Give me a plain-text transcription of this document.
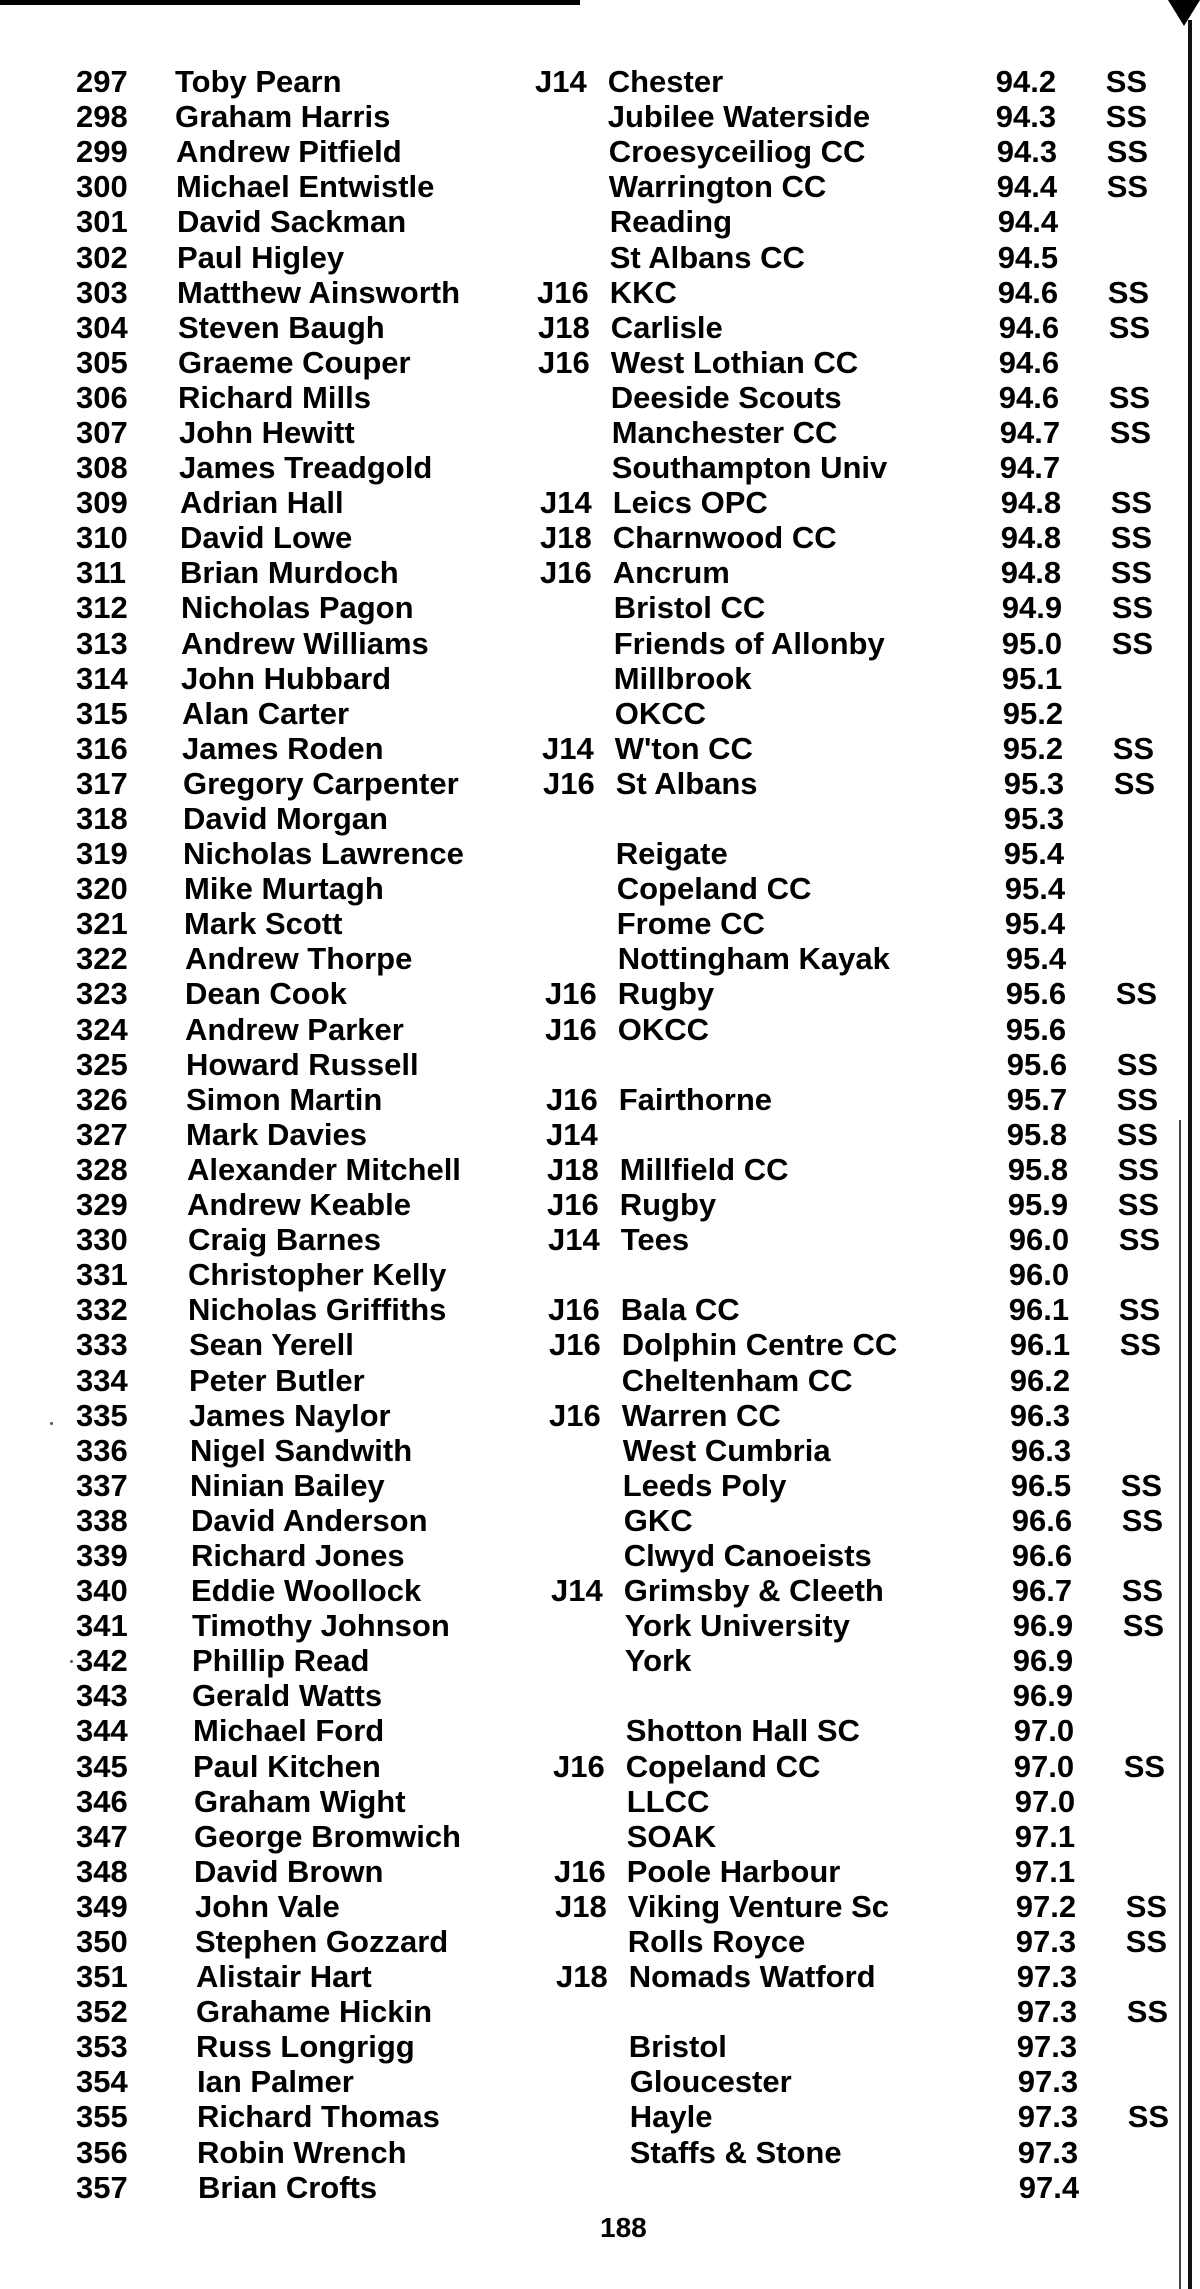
297	Toby Pearn	J14	Chester	94.2	SS
298	Graham Harris		Jubilee Waterside	94.3	SS
299	Andrew Pitfield		Croesyceiliog CC	94.3	SS
300	Michael Entwistle		Warrington CC	94.4	SS
301	David Sackman		Reading	94.4	
302	Paul Higley		St Albans CC	94.5	
303	Matthew Ainsworth	J16	KKC	94.6	SS
304	Steven Baugh	J18	Carlisle	94.6	SS
305	Graeme Couper	J16	West Lothian CC	94.6	
306	Richard Mills		Deeside Scouts	94.6	SS
307	John Hewitt		Manchester CC	94.7	SS
308	James Treadgold		Southampton Univ	94.7	
309	Adrian Hall	J14	Leics OPC	94.8	SS
310	David Lowe	J18	Charnwood CC	94.8	SS
311	Brian Murdoch	J16	Ancrum	94.8	SS
312	Nicholas Pagon		Bristol CC	94.9	SS
313	Andrew Williams		Friends of Allonby	95.0	SS
314	John Hubbard		Millbrook	95.1	
315	Alan Carter		OKCC	95.2	
316	James Roden	J14	W'ton CC	95.2	SS
317	Gregory Carpenter	J16	St Albans	95.3	SS
318	David Morgan			95.3	
319	Nicholas Lawrence		Reigate	95.4	
320	Mike Murtagh		Copeland CC	95.4	
321	Mark Scott		Frome CC	95.4	
322	Andrew Thorpe		Nottingham Kayak	95.4	
323	Dean Cook	J16	Rugby	95.6	SS
324	Andrew Parker	J16	OKCC	95.6	
325	Howard Russell			95.6	SS
326	Simon Martin	J16	Fairthorne	95.7	SS
327	Mark Davies	J14		95.8	SS
328	Alexander Mitchell	J18	Millfield CC	95.8	SS
329	Andrew Keable	J16	Rugby	95.9	SS
330	Craig Barnes	J14	Tees	96.0	SS
331	Christopher Kelly			96.0	
332	Nicholas Griffiths	J16	Bala CC	96.1	SS
333	Sean Yerell	J16	Dolphin Centre CC	96.1	SS
334	Peter Butler		Cheltenham CC	96.2	
335	James Naylor	J16	Warren CC	96.3	
336	Nigel Sandwith		West Cumbria	96.3	
337	Ninian Bailey		Leeds Poly	96.5	SS
338	David Anderson		GKC	96.6	SS
339	Richard Jones		Clwyd Canoeists	96.6	
340	Eddie Woollock	J14	Grimsby & Cleeth	96.7	SS
341	Timothy Johnson		York University	96.9	SS
342	Phillip Read		York	96.9	
343	Gerald Watts			96.9	
344	Michael Ford		Shotton Hall SC	97.0	
345	Paul Kitchen	J16	Copeland CC	97.0	SS
346	Graham Wight		LLCC	97.0	
347	George Bromwich		SOAK	97.1	
348	David Brown	J16	Poole Harbour	97.1	
349	John Vale	J18	Viking Venture Sc	97.2	SS
350	Stephen Gozzard		Rolls Royce	97.3	SS
351	Alistair Hart	J18	Nomads Watford	97.3	
352	Grahame Hickin			97.3	SS
353	Russ Longrigg		Bristol	97.3	
354	Ian Palmer		Gloucester	97.3	
355	Richard Thomas		Hayle	97.3	SS
356	Robin Wrench		Staffs & Stone	97.3	
357	Brian Crofts			97.4	
188
